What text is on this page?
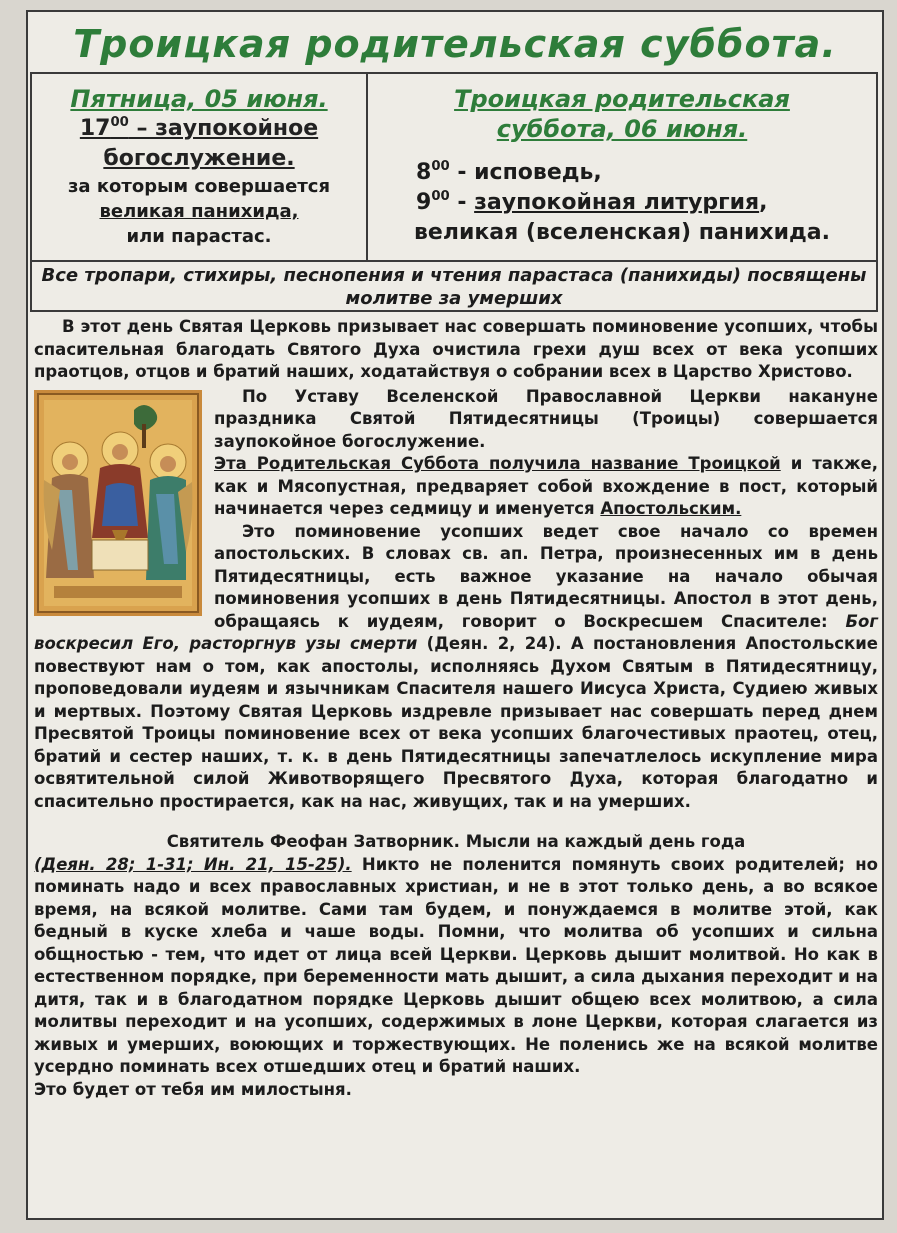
Троицкая родительская суббота.
Пятница, 05 июня.
$17^{00}$ – заупокойное богослужение.
за которым совершается
великая панихида,
или парастас.
Троицкая родительская
суббота, 06 июня.
$8^{00}$ - исповедь,
$9^{00}$ - заупокойная литургия,
великая (вселенская) панихида.
Все тропари, стихиры, песнопения и чтения парастаса (панихиды) посвящены молитве за умерших

В этот день Святая Церковь призывает нас совершать поминовение усопших, чтобы спасительная благодать Святого Духа очистила грехи душ всех от века усопших праотцов, отцов и братий наших, ходатайствуя о собрании всех в Царство Христово.

По Уставу Вселенской Православной Церкви накануне праздника Святой Пятидесятницы (Троицы) совершается заупокойное богослужение.

Эта Родительская Суббота получила название Троицкой и также, как и Мясопустная, предваряет собой вхождение в пост, который начинается через седмицу и именуется Апостольским.

Это поминовение усопших ведет свое начало со времен апостольских. В словах св. ап. Петра, произнесенных им в день Пятидесятницы, есть важное указание на начало обычая поминовения усопших в день Пятидесятницы. Апостол в этот день, обращаясь к иудеям, говорит о Воскресшем Спасителе: Бог воскресил Его, расторгнув узы смерти (Деян. 2, 24). А постановления Апостольские повествуют нам о том, как апостолы, исполняясь Духом Святым в Пятидесятницу, проповедовали иудеям и язычникам Спасителя нашего Иисуса Христа, Судиею живых и мертвых. Поэтому Святая Церковь издревле призывает нас совершать перед днем Пресвятой Троицы поминовение всех от века усопших благочестивых праотец, отец, братий и сестер наших, т. к. в день Пятидесятницы запечатлелось искупление мира освятительной силой Животворящего Пресвятого Духа, которая благодатно и спасительно простирается, как на нас, живущих, так и на умерших.

Святитель Феофан Затворник. Мысли на каждый день года

(Деян. 28; 1-31; Ин. 21, 15-25). Никто не поленится помянуть своих родителей; но поминать надо и всех православных христиан, и не в этот только день, а во всякое время, на всякой молитве. Сами там будем, и понуждаемся в молитве этой, как бедный в куске хлеба и чаше воды. Помни, что молитва об усопших и сильна общностью - тем, что идет от лица всей Церкви. Церковь дышит молитвой. Но как в естественном порядке, при беременности мать дышит, а сила дыхания переходит и на дитя, так и в благодатном порядке Церковь дышит общею всех молитвою, а сила молитвы переходит и на усопших, содержимых в лоне Церкви, которая слагается из живых и умерших, воюющих и торжествующих. Не поленись же на всякой молитве усердно поминать всех отшедших отец и братий наших.

Это будет от тебя им милостыня.
